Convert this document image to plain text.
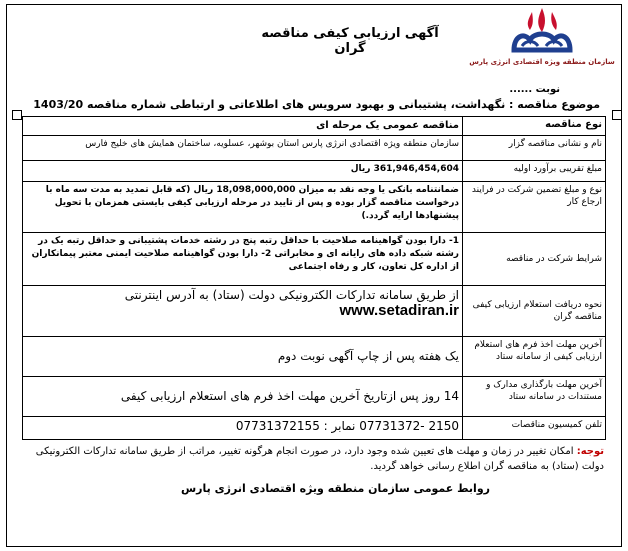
سازمان منطقه ویژه اقتصادی انرژی پارس
آگهی ارزیابی کیفی مناقصه گران
نوبت ......
موضوع مناقصه : نگهداشت، پشتیبانی و بهبود سرویس های اطلاعاتی و ارتباطی شماره مناقصه 1403/20
نوع مناقصه	مناقصه عمومی یک مرحله ای
نام و نشانی مناقصه گزار	سازمان منطقه ویژه اقتصادی انرژی پارس استان بوشهر، عسلویه، ساختمان همایش های خلیج فارس
مبلغ تقریبی برآورد اولیه	361,946,454,604 ریال
نوع و مبلغ تضمین شرکت در فرایند ارجاع کار	ضمانتنامه بانکی یا وجه نقد به میزان 18,098,000,000 ریال (که قابل تمدید به مدت سه ماه با درخواست مناقصه گزار بوده و پس از تایید در مرحله ارزیابی کیفی بایستی همزمان با تحویل پیشنهادها ارایه گردد.)
شرایط شرکت در مناقصه	1- دارا بودن گواهینامه صلاحیت با حداقل رتبه پنج در رشته خدمات پشتیبانی و حداقل رتبه یک در رشته شبکه داده های رایانه ای و مخابراتی 2- دارا بودن گواهینامه صلاحیت ایمنی معتبر پیمانکاران از اداره کل تعاون، کار و رفاه اجتماعی
نحوه دریافت استعلام ارزیابی کیفی مناقصه گران	از طریق سامانه تدارکات الکترونیکی دولت (ستاد) به آدرس اینترنتی
www.setadiran.ir

آخرین مهلت اخذ فرم های استعلام ارزیابی کیفی از سامانه ستاد	یک هفته پس از چاپ آگهی نوبت دوم
آخرین مهلت بارگذاری مدارک و مستندات در سامانه ستاد	14 روز پس ازتاریخ آخرین مهلت اخذ فرم های استعلام ارزیابی کیفی
تلفن کمیسیون مناقصات	2150 -07731372 نمابر : 07731372155
توجه: امکان تغییر در زمان و مهلت های تعیین شده وجود دارد، در صورت انجام هرگونه تغییر، مراتب از طریق سامانه تدارکات الکترونیکی دولت (ستاد) به مناقصه گران اطلاع رسانی خواهد گردید.
روابط عمومی سازمان منطقه ویژه اقتصادی انرژی پارس
